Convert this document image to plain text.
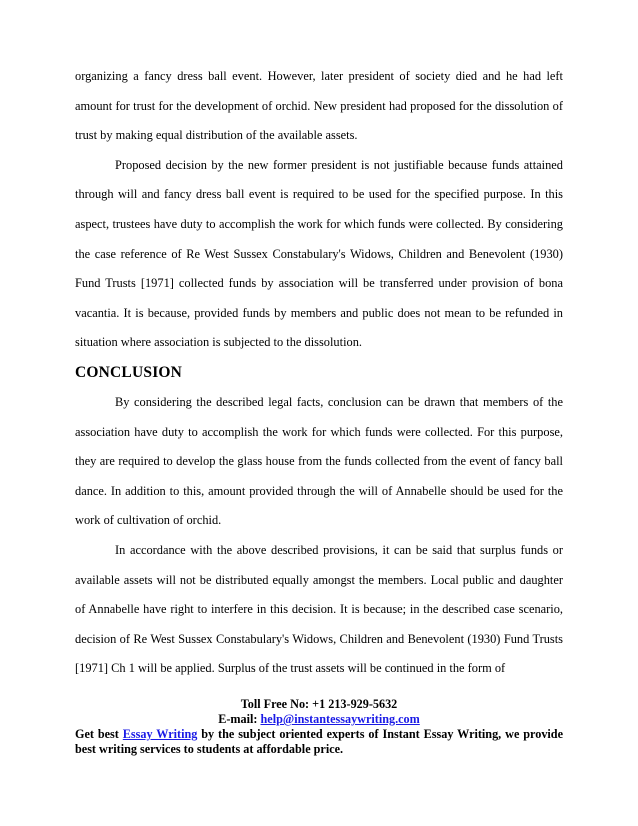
organizing a fancy dress ball event. However, later president of society died and he had left amount for trust for the development of orchid. New president had proposed for the dissolution of trust by making equal distribution of the available assets.

Proposed decision by the new former president is not justifiable because funds attained through will and fancy dress ball event is required to be used for the specified purpose. In this aspect, trustees have duty to accomplish the work for which funds were collected. By considering the case reference of Re West Sussex Constabulary's Widows, Children and Benevolent (1930) Fund Trusts [1971] collected funds by association will be transferred under provision of bona vacantia. It is because, provided funds by members and public does not mean to be refunded in situation where association is subjected to the dissolution.

CONCLUSION

By considering the described legal facts, conclusion can be drawn that members of the association have duty to accomplish the work for which funds were collected. For this purpose, they are required to develop the glass house from the funds collected from the event of fancy ball dance. In addition to this, amount provided through the will of Annabelle should be used for the work of cultivation of orchid.

In accordance with the above described provisions, it can be said that surplus funds or available assets will not be distributed equally amongst the members. Local public and daughter of Annabelle have right to interfere in this decision. It is because; in the described case scenario, decision of Re West Sussex Constabulary's Widows, Children and Benevolent (1930) Fund Trusts [1971] Ch 1 will be applied. Surplus of the trust assets will be continued in the form of

Toll Free No: +1 213-929-5632
E-mail: help@instantessaywriting.com
Get best Essay Writing by the subject oriented experts of Instant Essay Writing, we provide best writing services to students at affordable price.
